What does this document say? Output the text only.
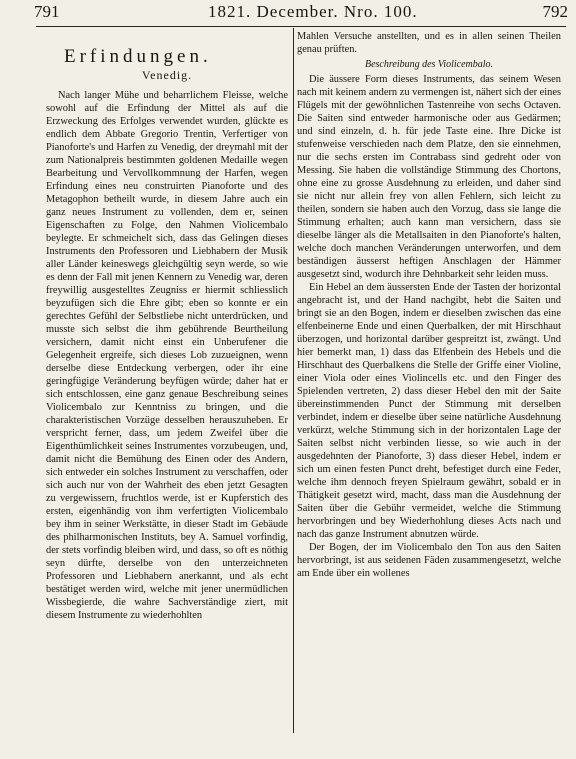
791	1821. December. Nro. 100.	792
Erfindungen.
Venedig.

Nach langer Mühe und beharrlichem Fleisse, welche sowohl auf die Erfindung der Mittel als auf die Erzweckung des Erfolges verwendet wurden, glückte es endlich dem Abbate Gregorio Trentin, Verfertiger von Pianoforte's und Harfen zu Venedig, der dreymahl mit der zum Nationalpreis bestimmten goldenen Medaille wegen Bearbeitung und Vervollkommnung der Harfen, wegen Erfindung eines neu construirten Pianoforte und des Metagophon betheilt wurde, in diesem Jahre auch ein ganz neues Instrument zu vollenden, dem er, seinen Eigenschaften zu Folge, den Nahmen Violicembalo beylegte. Er schmeichelt sich, dass das Gelingen dieses Instruments den Professoren und Liebhabern der Musik aller Länder keineswegs gleichgültig seyn werde, so wie es denn der Fall mit jenen Kennern zu Venedig war, deren freywillig ausgestelltes Zeugniss er hiermit schliesslich beyzufügen sich die Ehre gibt; eben so konnte er ein gerechtes Gefühl der Selbstliebe nicht unterdrücken, und musste sich selbst die ihm gebührende Beurtheilung versichern, damit nicht einst ein Unberufener die Gelegenheit ergreife, sich dieses Lob zuzueignen, wenn derselbe diese Entdeckung verbergen, oder ihr eine geringfügige Veränderung beyfügen würde; daher hat er sich entschlossen, eine ganz genaue Beschreibung seines Violicembalo zur Kenntniss zu bringen, und die charakteristischen Vorzüge desselben herauszuheben. Er verspricht ferner, dass, um jedem Zweifel über die Eigenthümlichkeit seines Instrumentes vorzubeugen, und, damit nicht die Bemühung des Einen oder des Andern, sich entweder ein solches Instrument zu verschaffen, oder sich auch nur von der Wahrheit des eben jetzt Gesagten zu vergewissern, fruchtlos werde, ist er Kupferstich des ersten, eigenhändig von ihm verfertigten Violicembalo bey ihm in seiner Werkstätte, in dieser Stadt im Gebäude des philharmonischen Instituts, bey A. Samuel vorfindig, der stets vorfindig bleiben wird, und dass, so oft es nöthig seyn dürfte, derselbe von den unterzeichneten Professoren und Liebhabern anerkannt, und als echt bestätiget werden wird, welche mit jener unermüdlichen Wissbegierde, die wahre Sachverständige ziert, mit diesem Instrumente zu wiederhohlten

Mahlen Versuche anstellten, und es in allen seinen Theilen genau prüften.

Beschreibung des Violicembalo.

Die äussere Form dieses Instruments, das seinem Wesen nach mit keinem andern zu vermengen ist, nähert sich der eines Flügels mit der gewöhnlichen Tastenreihe von sechs Octaven. Die Saiten sind entweder harmonische oder aus Gedärmen; und sind einzeln, d. h. für jede Taste eine. Ihre Dicke ist stufenweise verschieden nach dem Platze, den sie einnehmen, nur die sechs ersten im Contrabass sind gedreht oder von Messing. Sie haben die vollständige Stimmung des Chortons, ohne eine zu grosse Ausdehnung zu erleiden, und daher sind sie nicht nur allein frey von allen Fehlern, sich leicht zu theilen, sondern sie haben auch den Vorzug, dass sie lange die Stimmung erhalten; auch kann man versichern, dass sie dieselbe länger als die Metallsaiten in den Pianoforte's halten, welche doch manchen Veränderungen unterworfen, und dem beständigen äusserst heftigen Anschlagen der Hämmer ausgesetzt sind, wodurch ihre Dehnbarkeit sehr leiden muss.

Ein Hebel an dem äussersten Ende der Tasten der horizontal angebracht ist, und der Hand nachgibt, hebt die Saiten und bringt sie an den Bogen, indem er dieselben zwischen das eine elfenbeinerne Ende und einen Querbalken, der mit Hirschhaut überzogen, und horizontal darüber gespreitzt ist, zwängt. Und hier bemerkt man, 1) dass das Elfenbein des Hebels und die Hirschhaut des Querbalkens die Stelle der Griffe einer Violine, einer Viola oder eines Violincells etc. und den Finger des Spielenden vertreten, 2) dass dieser Hebel den mit der Saite übereinstimmenden Punct der Stimmung mit derselben verbindet, indem er dieselbe über seine natürliche Ausdehnung verkürzt, welche Stimmung sich in der horizontalen Lage der Saiten selbst nicht verbinden liesse, so wie auch in der ausgedehnten der Pianoforte, 3) dass dieser Hebel, indem er sich um einen festen Punct dreht, befestiget durch eine Feder, welche ihm dennoch freyen Spielraum gewährt, sobald er in Thätigkeit gesetzt wird, macht, dass man die Ausdehnung der Saiten über die Gebühr vermeidet, welche die Stimmung hervorbringen und bey Wiederhohlung dieses Acts nach und nach das ganze Instrument abnutzen würde.

Der Bogen, der im Violicembalo den Ton aus den Saiten hervorbringt, ist aus seidenen Fäden zusammengesetzt, welche am Ende über ein wollenes
